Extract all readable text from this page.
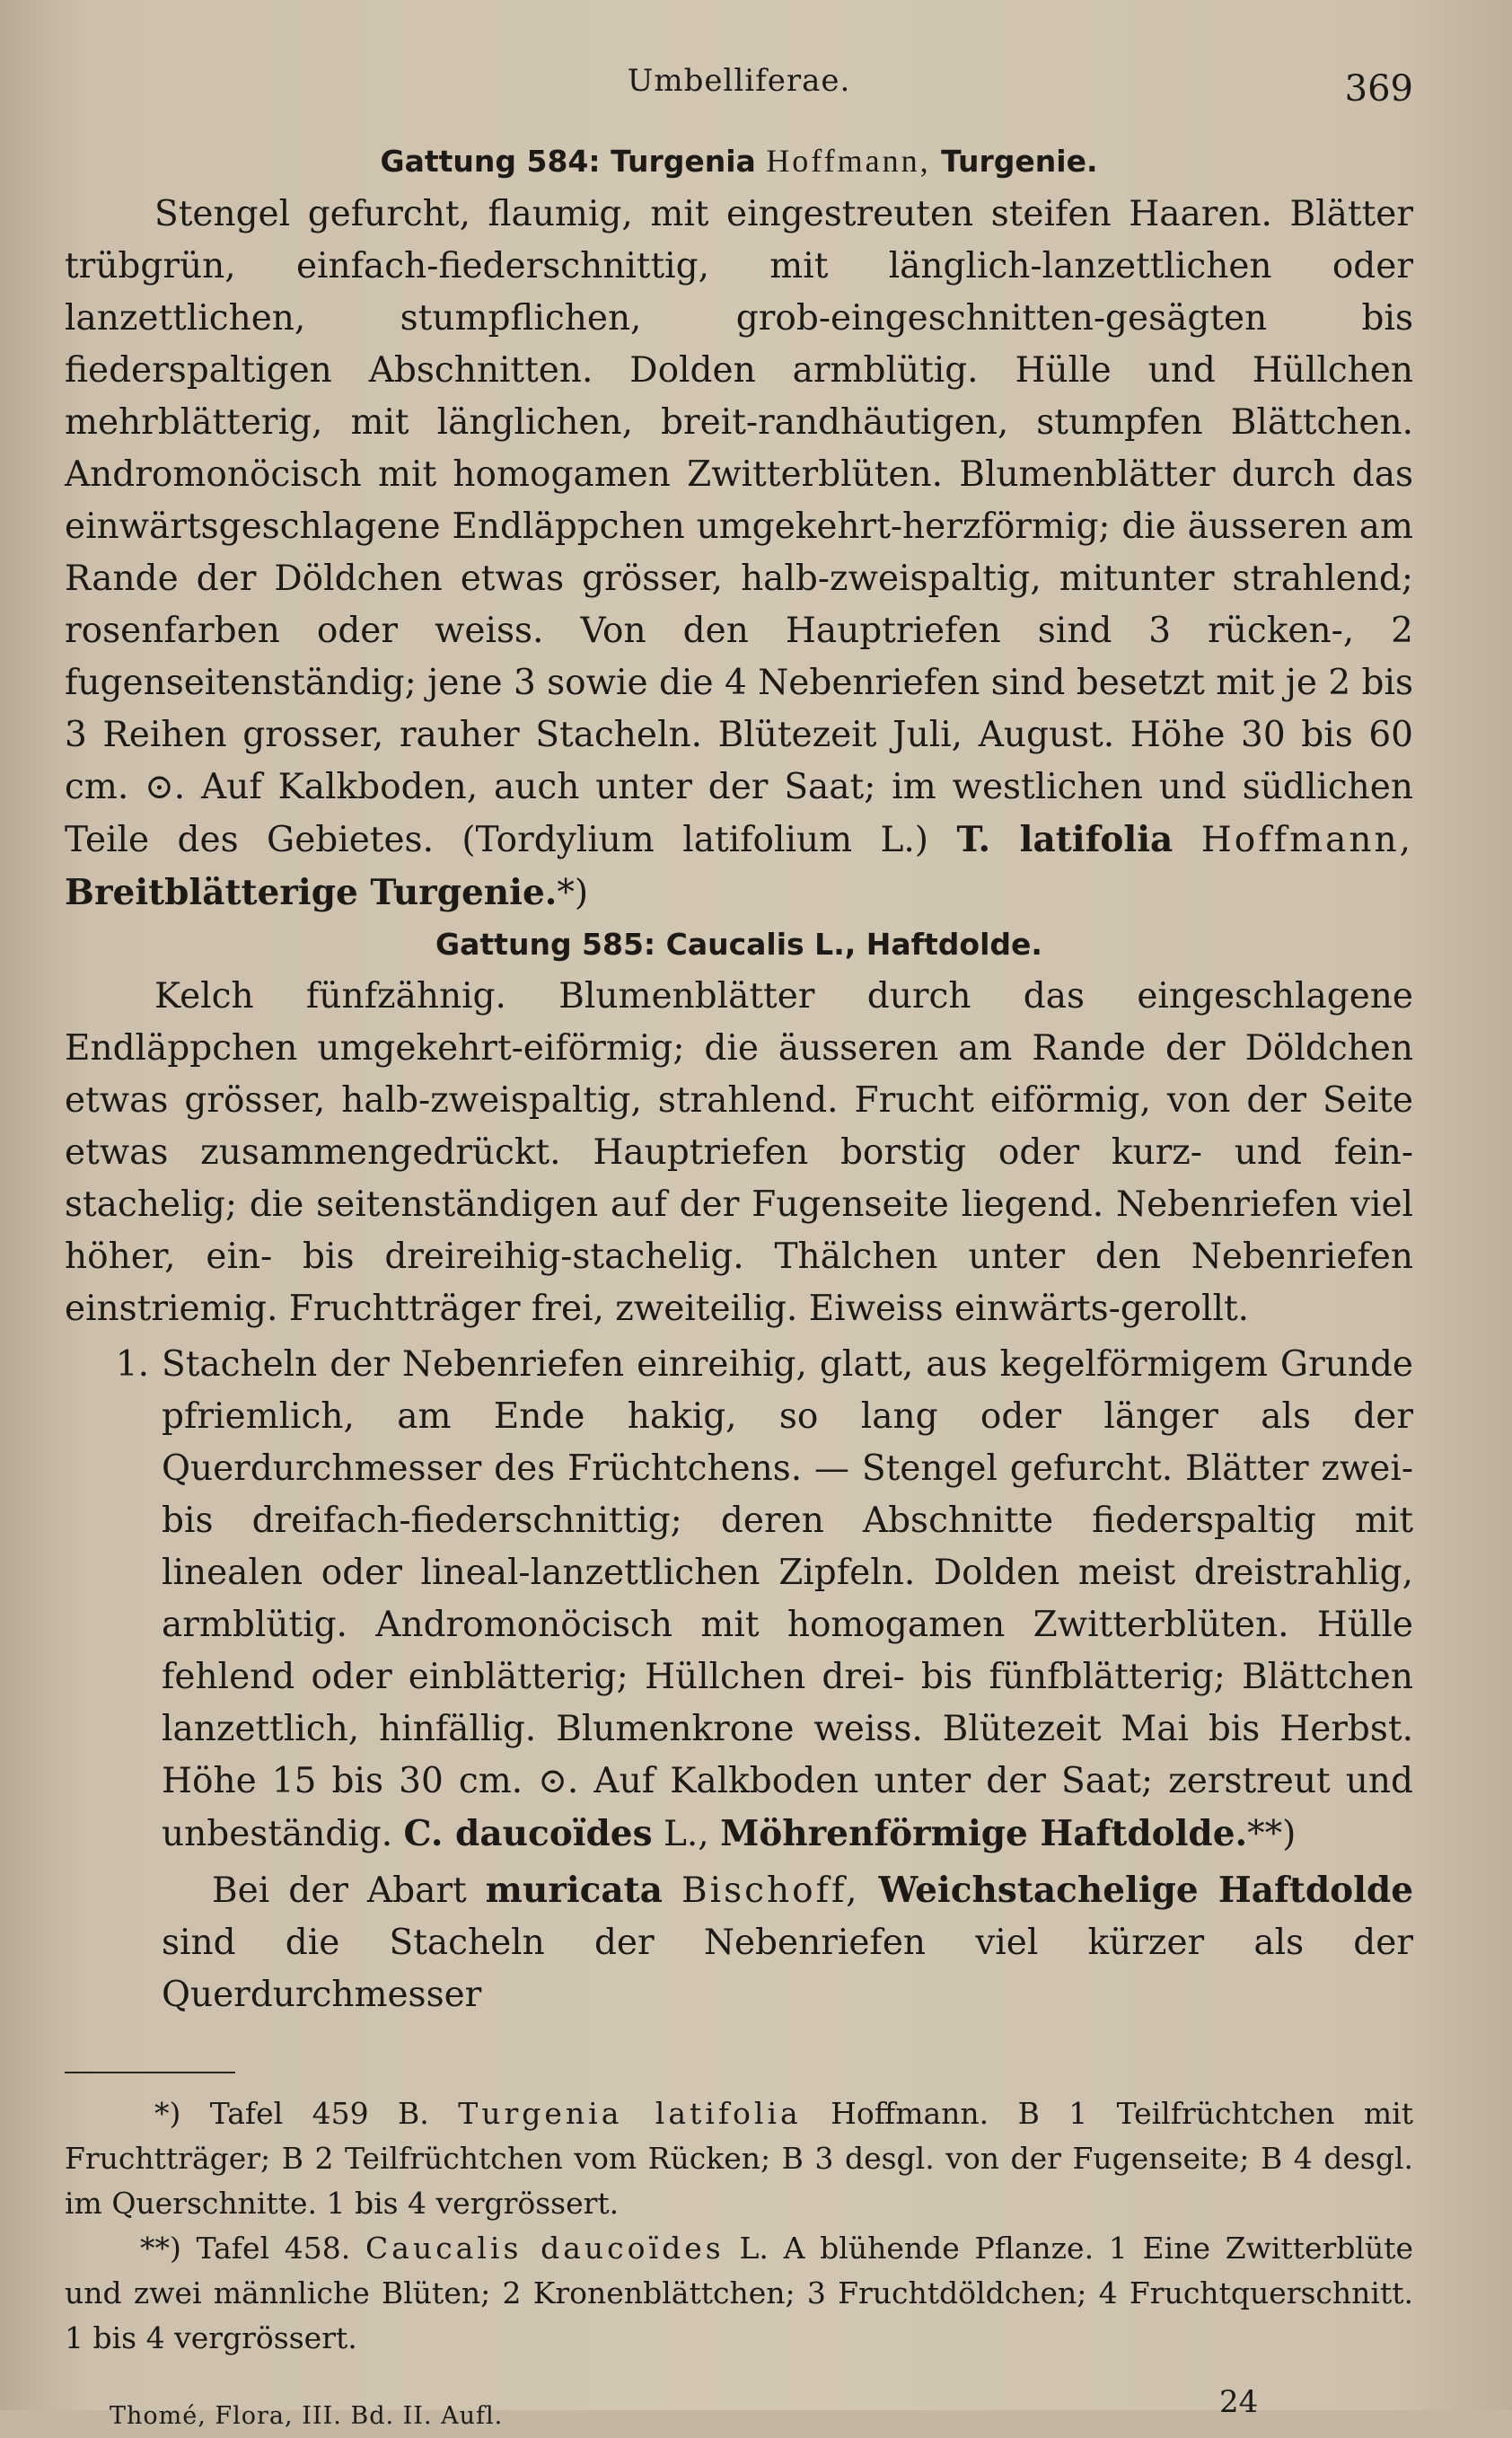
Umbelliferae.	369
Gattung 584: Turgenia Hoffmann, Turgenie.

Stengel gefurcht, flaumig, mit eingestreuten steifen Haaren. Blätter trübgrün, einfach-fiederschnittig, mit länglich-lanzettlichen oder lanzettlichen, stumpflichen, grob-eingeschnitten-gesägten bis fiederspaltigen Abschnitten. Dolden armblütig. Hülle und Hüllchen mehrblätterig, mit länglichen, breit-randhäutigen, stumpfen Blättchen. Andromonöcisch mit homogamen Zwitterblüten. Blumenblätter durch das einwärtsgeschlagene Endläppchen umgekehrt-herzförmig; die äusseren am Rande der Döldchen etwas grösser, halb-zweispaltig, mitunter strahlend; rosenfarben oder weiss. Von den Hauptriefen sind 3 rücken-, 2 fugenseitenständig; jene 3 sowie die 4 Nebenriefen sind besetzt mit je 2 bis 3 Reihen grosser, rauher Stacheln. Blütezeit Juli, August. Höhe 30 bis 60 cm. ⊙. Auf Kalkboden, auch unter der Saat; im westlichen und südlichen Teile des Gebietes. (Tordylium latifolium L.) T. latifolia Hoffmann, Breitblätterige Turgenie.*)

Gattung 585: Caucalis L., Haftdolde.

Kelch fünfzähnig. Blumenblätter durch das eingeschlagene Endläppchen umgekehrt-eiförmig; die äusseren am Rande der Döldchen etwas grösser, halb-zweispaltig, strahlend. Frucht eiförmig, von der Seite etwas zusammengedrückt. Hauptriefen borstig oder kurz- und fein-stachelig; die seitenständigen auf der Fugenseite liegend. Nebenriefen viel höher, ein- bis dreireihig-stachelig. Thälchen unter den Nebenriefen einstriemig. Fruchtträger frei, zweiteilig. Eiweiss einwärts-gerollt.

1. Stacheln der Nebenriefen einreihig, glatt, aus kegelförmigem Grunde pfriemlich, am Ende hakig, so lang oder länger als der Querdurchmesser des Früchtchens. — Stengel gefurcht. Blätter zwei- bis dreifach-fiederschnittig; deren Abschnitte fiederspaltig mit linealen oder lineal-lanzettlichen Zipfeln. Dolden meist dreistrahlig, armblütig. Andromonöcisch mit homogamen Zwitterblüten. Hülle fehlend oder einblätterig; Hüllchen drei- bis fünfblätterig; Blättchen lanzettlich, hinfällig. Blumenkrone weiss. Blütezeit Mai bis Herbst. Höhe 15 bis 30 cm. ⊙. Auf Kalkboden unter der Saat; zerstreut und unbeständig. C. daucoïdes L., Möhrenförmige Haftdolde.**)
Bei der Abart muricata Bischoff, Weichstachelige Haftdolde sind die Stacheln der Nebenriefen viel kürzer als der Querdurchmesser

*) Tafel 459 B. Turgenia latifolia Hoffmann. B 1 Teilfrüchtchen mit Fruchtträger; B 2 Teilfrüchtchen vom Rücken; B 3 desgl. von der Fugenseite; B 4 desgl. im Querschnitte. 1 bis 4 vergrössert.

**) Tafel 458. Caucalis daucoïdes L. A blühende Pflanze. 1 Eine Zwitterblüte und zwei männliche Blüten; 2 Kronenblättchen; 3 Fruchtdöldchen; 4 Fruchtquerschnitt. 1 bis 4 vergrössert.

Thomé, Flora, III. Bd. II. Aufl.	24
